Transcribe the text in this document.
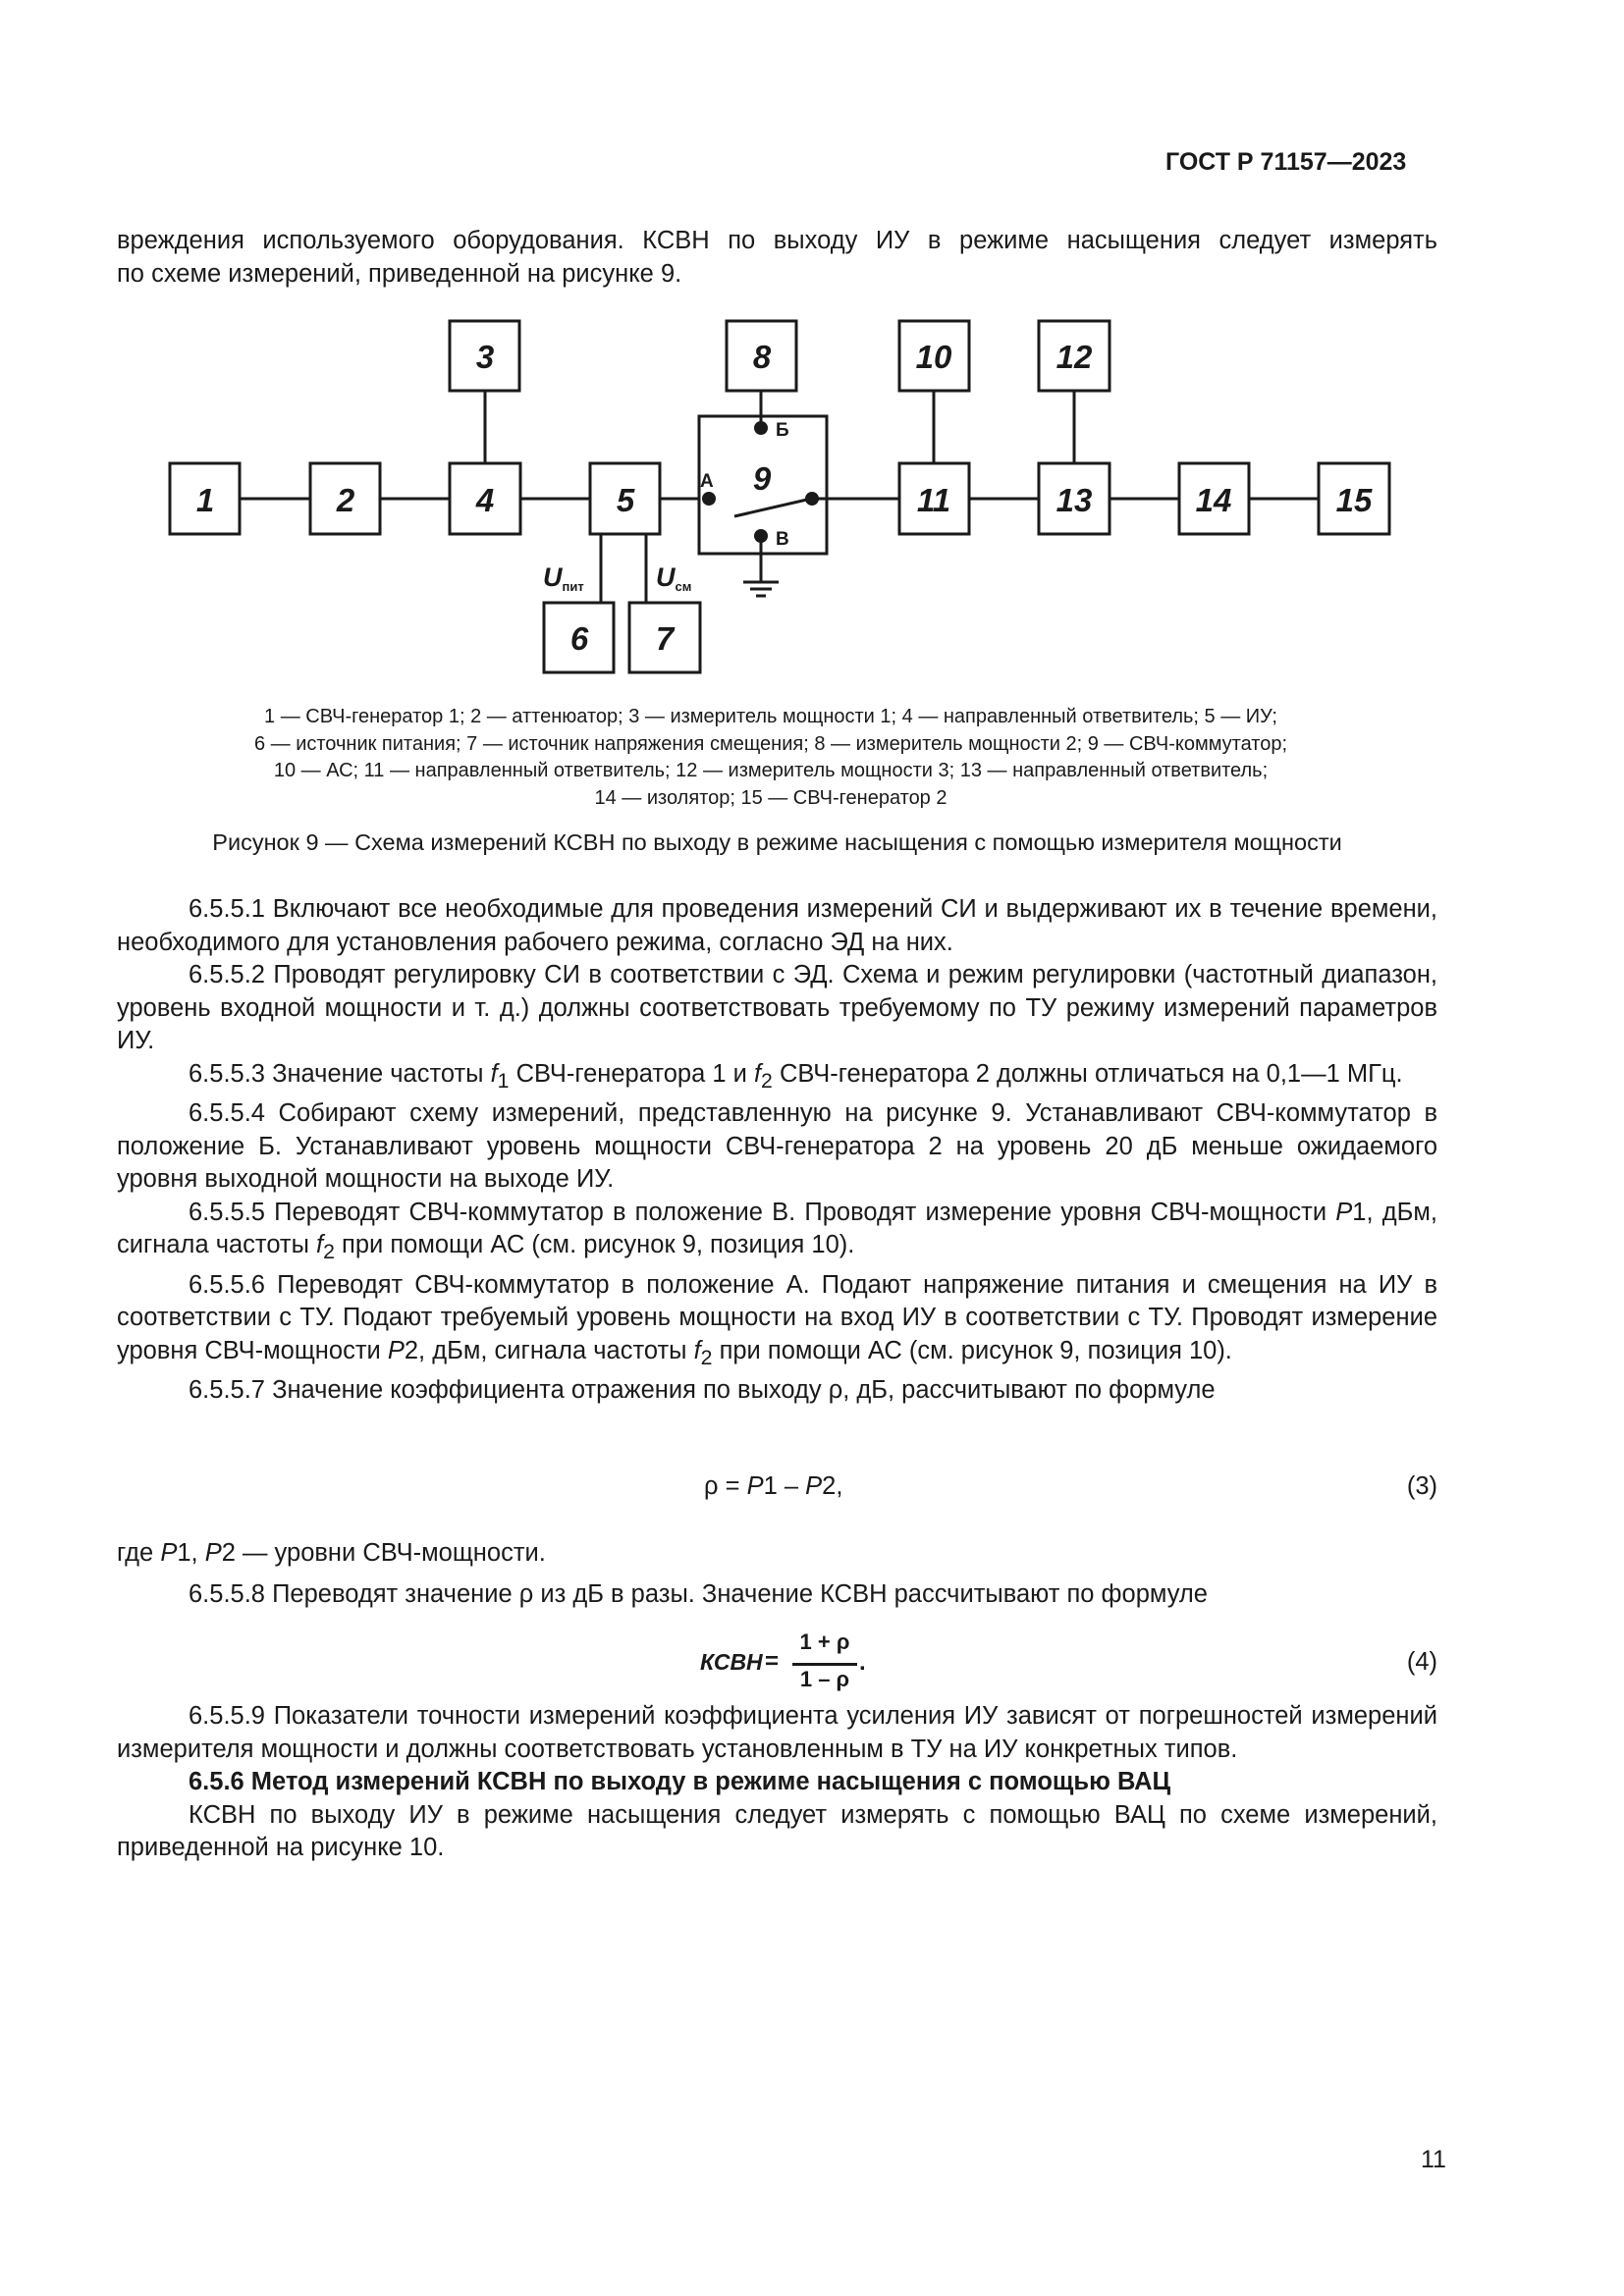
ГОСТ Р 71157—2023

вреждения используемого оборудования. КСВН по выходу ИУ в режиме насыщения следует измерять

по схеме измерений, приведенной на рисунке 9.

1	2
3
4	5
6 7
8
9
10
11
12
13	14	15
А
Б
В
Uпит	Uсм
1 — СВЧ-генератор 1; 2 — аттенюатор; 3 — измеритель мощности 1; 4 — направленный ответвитель; 5 — ИУ;
6 — источник питания; 7 — источник напряжения смещения; 8 — измеритель мощности 2; 9 — СВЧ-коммутатор;
10 — АС; 11 — направленный ответвитель; 12 — измеритель мощности 3; 13 — направленный ответвитель;
14 — изолятор; 15 — СВЧ-генератор 2
Рисунок 9 — Схема измерений КСВН по выходу в режиме насыщения с помощью измерителя мощности

6.5.5.1 Включают все необходимые для проведения измерений СИ и выдерживают их в течение времени, необходимого для установления рабочего режима, согласно ЭД на них.

6.5.5.2 Проводят регулировку СИ в соответствии с ЭД. Схема и режим регулировки (частотный диапазон, уровень входной мощности и т. д.) должны соответствовать требуемому по ТУ режиму измерений параметров ИУ.

6.5.5.3 Значение частоты $f_1$ СВЧ-генератора 1 и $f_2$ СВЧ-генератора 2 должны отличаться на 0,1—1 МГц.

6.5.5.4 Собирают схему измерений, представленную на рисунке 9. Устанавливают СВЧ-коммутатор в положение Б. Устанавливают уровень мощности СВЧ-генератора 2 на уровень 20 дБ меньше ожидаемого уровня выходной мощности на выходе ИУ.

6.5.5.5 Переводят СВЧ-коммутатор в положение В. Проводят измерение уровня СВЧ-мощности P1, дБм, сигнала частоты $f_2$ при помощи АС (см. рисунок 9, позиция 10).

6.5.5.6 Переводят СВЧ-коммутатор в положение А. Подают напряжение питания и смещения на ИУ в соответствии с ТУ. Подают требуемый уровень мощности на вход ИУ в соответствии с ТУ. Проводят измерение уровня СВЧ-мощности P2, дБм, сигнала частоты $f_2$ при помощи АС (см. рисунок 9, позиция 10).

6.5.5.7 Значение коэффициента отражения по выходу ρ, дБ, рассчитывают по формуле

ρ = P1 – P2,	(3)

где P1, P2 — уровни СВЧ-мощности.

6.5.5.8 Переводят значение ρ из дБ в разы. Значение КСВН рассчитывают по формуле

КСВН =
1 + ρ
1 – ρ
.	(4)

6.5.5.9 Показатели точности измерений коэффициента усиления ИУ зависят от погрешностей измерений измерителя мощности и должны соответствовать установленным в ТУ на ИУ конкретных типов.

6.5.6 Метод измерений КСВН по выходу в режиме насыщения с помощью ВАЦ

КСВН по выходу ИУ в режиме насыщения следует измерять с помощью ВАЦ по схеме измерений, приведенной на рисунке 10.

11
